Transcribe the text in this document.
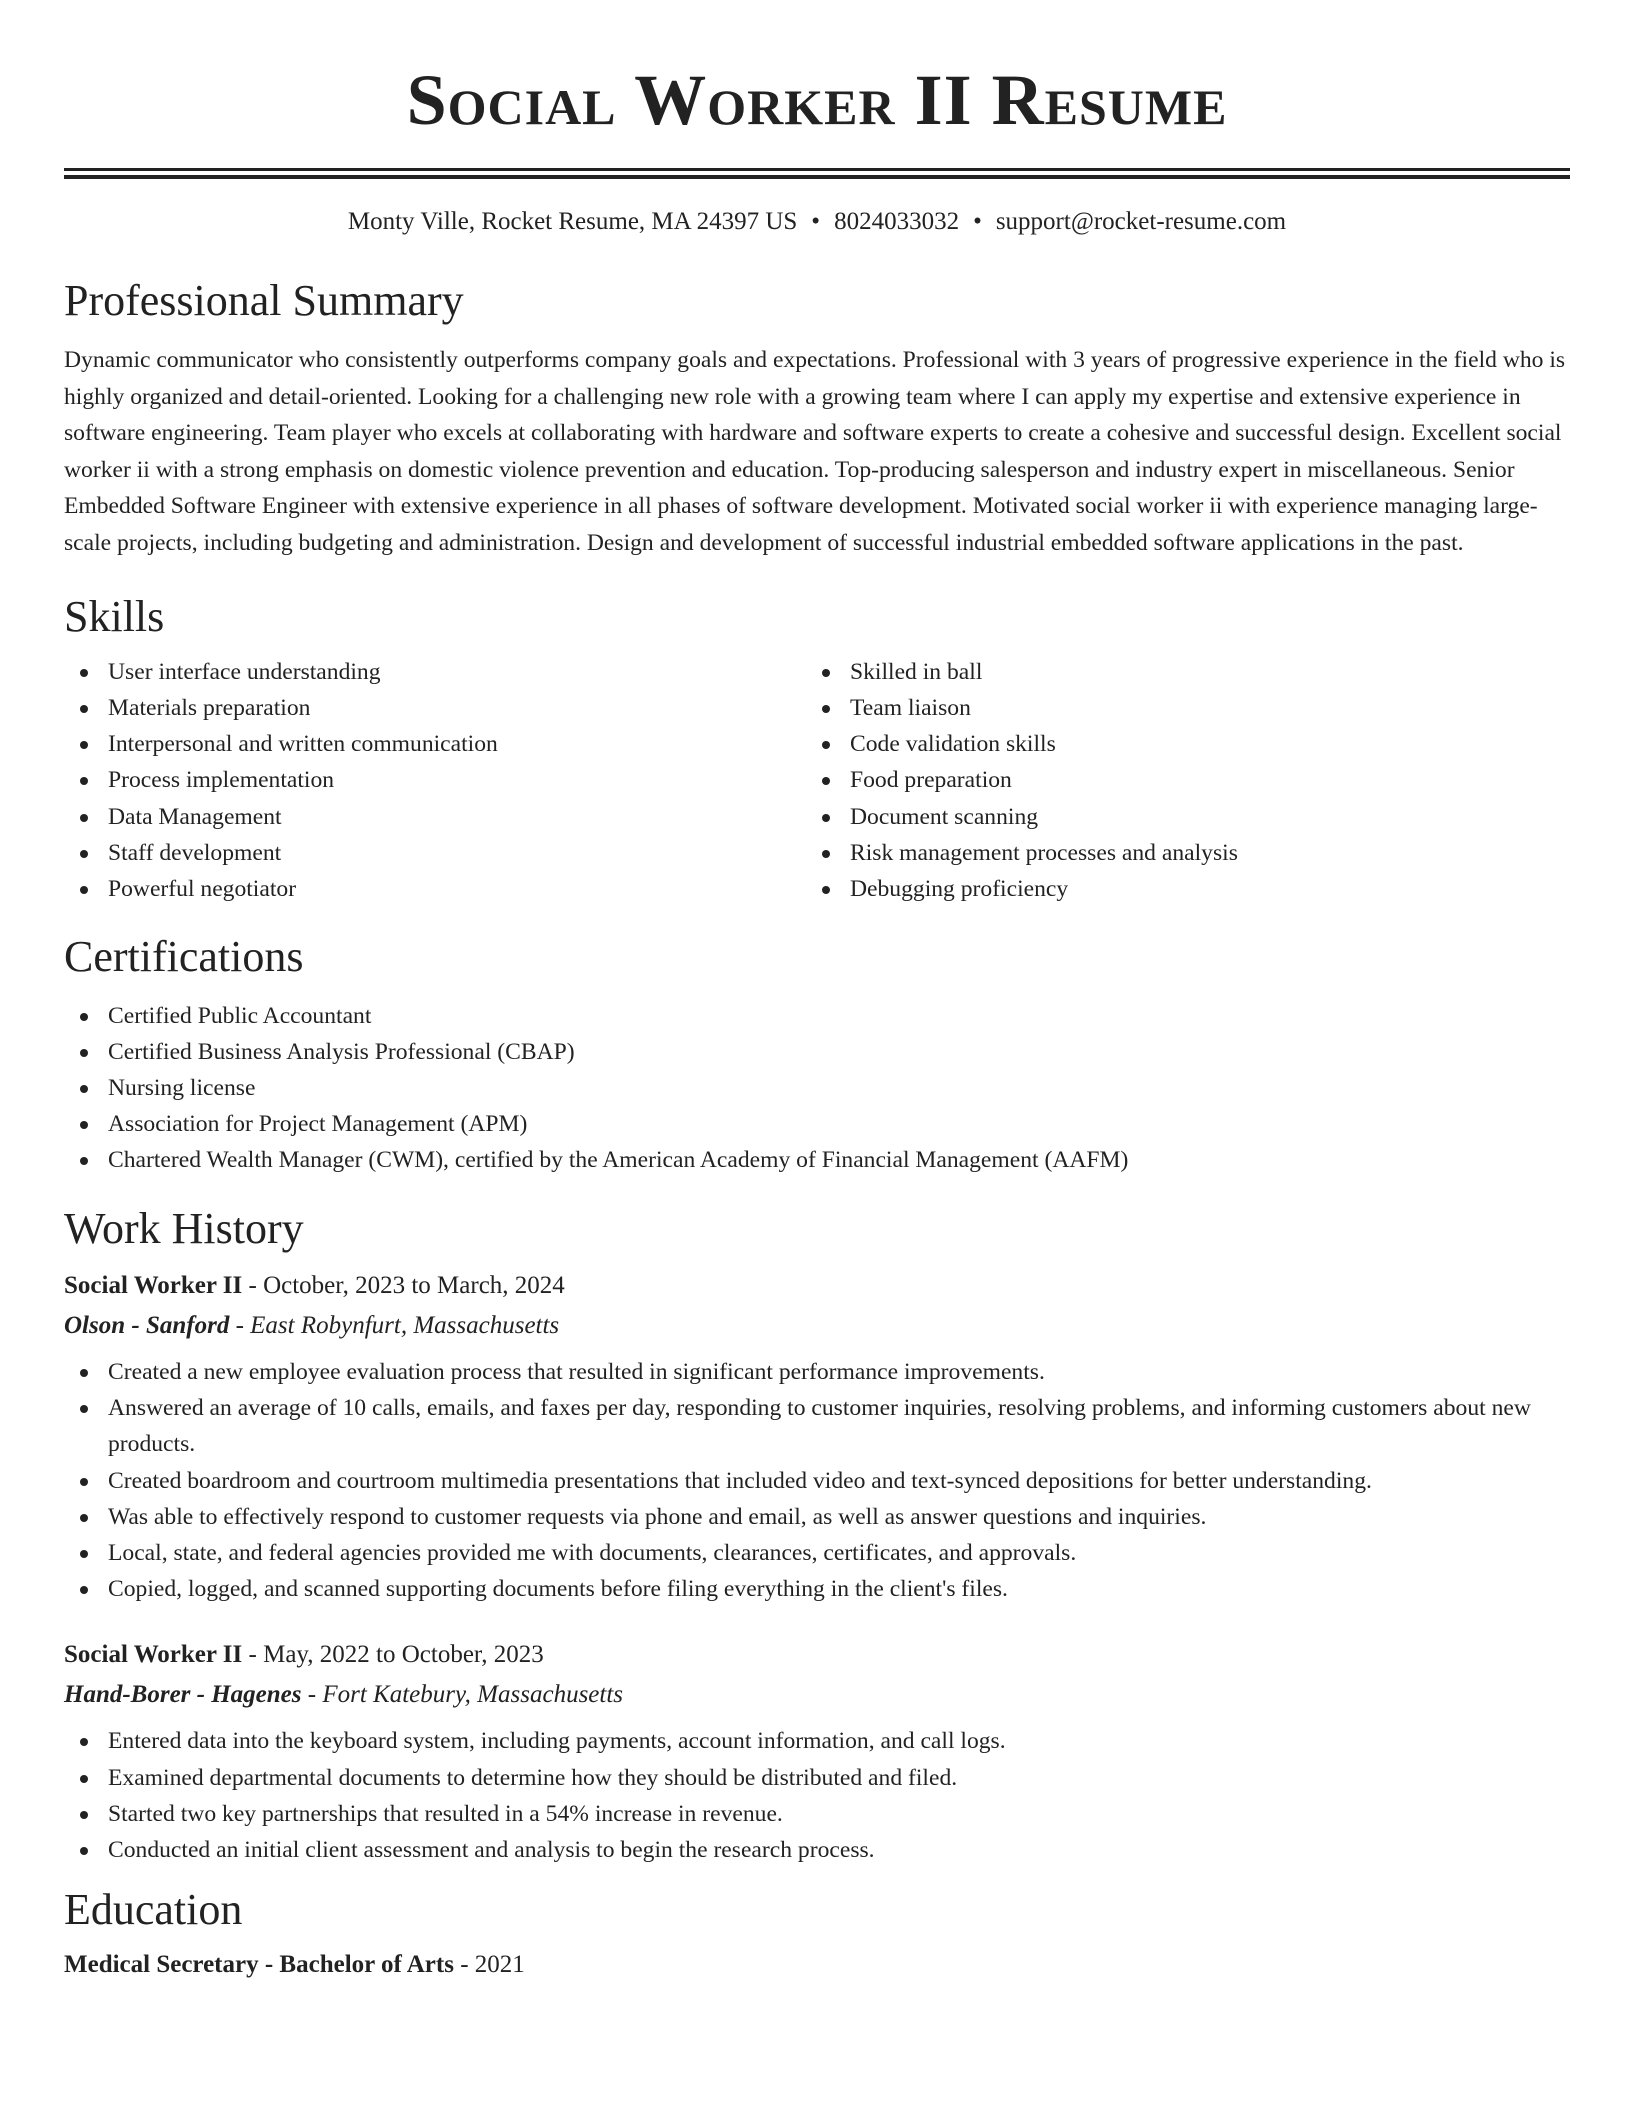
Social Worker II Resume
Monty Ville, Rocket Resume, MA 24397 US • 8024033032 • support@rocket-resume.com
Professional Summary

Dynamic communicator who consistently outperforms company goals and expectations. Professional with 3 years of progressive experience in the field who is highly organized and detail-oriented. Looking for a challenging new role with a growing team where I can apply my expertise and extensive experience in software engineering. Team player who excels at collaborating with hardware and software experts to create a cohesive and successful design. Excellent social worker ii with a strong emphasis on domestic violence prevention and education. Top-producing salesperson and industry expert in miscellaneous. Senior Embedded Software Engineer with extensive experience in all phases of software development. Motivated social worker ii with experience managing large-scale projects, including budgeting and administration. Design and development of successful industrial embedded software applications in the past.

Skills
User interface understanding
Materials preparation
Interpersonal and written communication
Process implementation
Data Management
Staff development
Powerful negotiator
Skilled in ball
Team liaison
Code validation skills
Food preparation
Document scanning
Risk management processes and analysis
Debugging proficiency
Certifications
Certified Public Accountant
Certified Business Analysis Professional (CBAP)
Nursing license
Association for Project Management (APM)
Chartered Wealth Manager (CWM), certified by the American Academy of Financial Management (AAFM)
Work History
Social Worker II - October, 2023 to March, 2024
Olson - Sanford - East Robynfurt, Massachusetts
Created a new employee evaluation process that resulted in significant performance improvements.
Answered an average of 10 calls, emails, and faxes per day, responding to customer inquiries, resolving problems, and informing customers about new products.
Created boardroom and courtroom multimedia presentations that included video and text-synced depositions for better understanding.
Was able to effectively respond to customer requests via phone and email, as well as answer questions and inquiries.
Local, state, and federal agencies provided me with documents, clearances, certificates, and approvals.
Copied, logged, and scanned supporting documents before filing everything in the client's files.
Social Worker II - May, 2022 to October, 2023
Hand-Borer - Hagenes - Fort Katebury, Massachusetts
Entered data into the keyboard system, including payments, account information, and call logs.
Examined departmental documents to determine how they should be distributed and filed.
Started two key partnerships that resulted in a 54% increase in revenue.
Conducted an initial client assessment and analysis to begin the research process.
Education
Medical Secretary - Bachelor of Arts - 2021
